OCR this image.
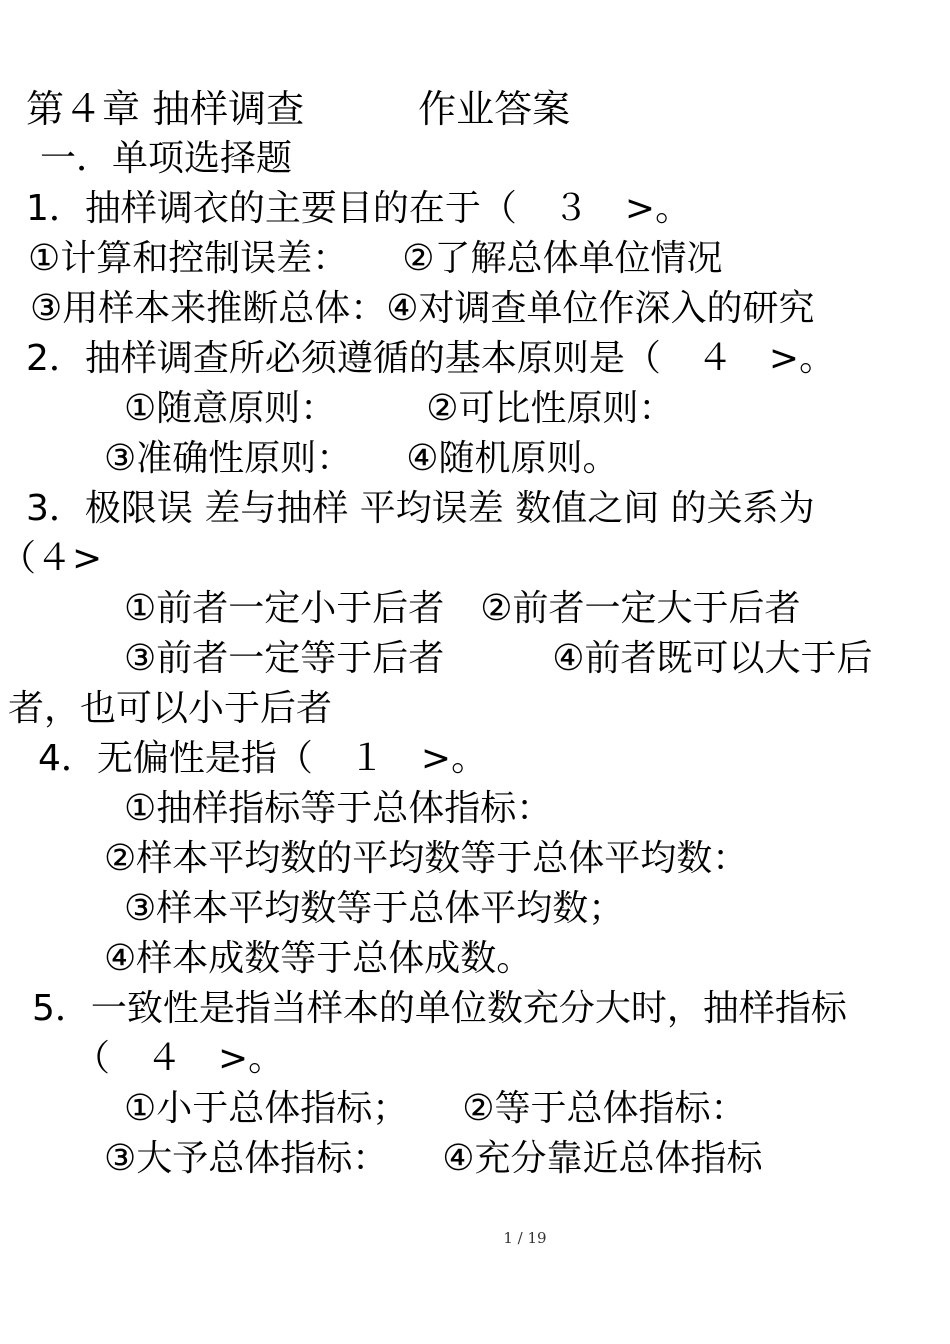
第４章 抽样调查　　　作业答案
一．单项选择题
1．抽样调衣的主要目的在于（　３　>。
①计算和控制误差：　　②了解总体单位情况
③用样本来推断总体：④对调查单位作深入的研究
2．抽样调查所必须遵循的基本原则是（　４　>。
①随意原则：　　　②可比性原则：
③准确性原则：　　④随机原则。
3．极限误 差与抽样 平均误差 数值之间 的关系为
（４>
①前者一定小于后者　②前者一定大于后者
③前者一定等于后者　　　④前者既可以大于后
者，也可以小于后者
4．无偏性是指（　１　>。
①抽样指标等于总体指标：
②样本平均数的平均数等于总体平均数：
③样本平均数等于总体平均数；
④样本成数等于总体成数。
5．一致性是指当样本的单位数充分大时，抽样指标
（　４　>。
①小于总体指标；　　②等于总体指标：
③大予总体指标：　　④充分靠近总体指标
1 / 19
